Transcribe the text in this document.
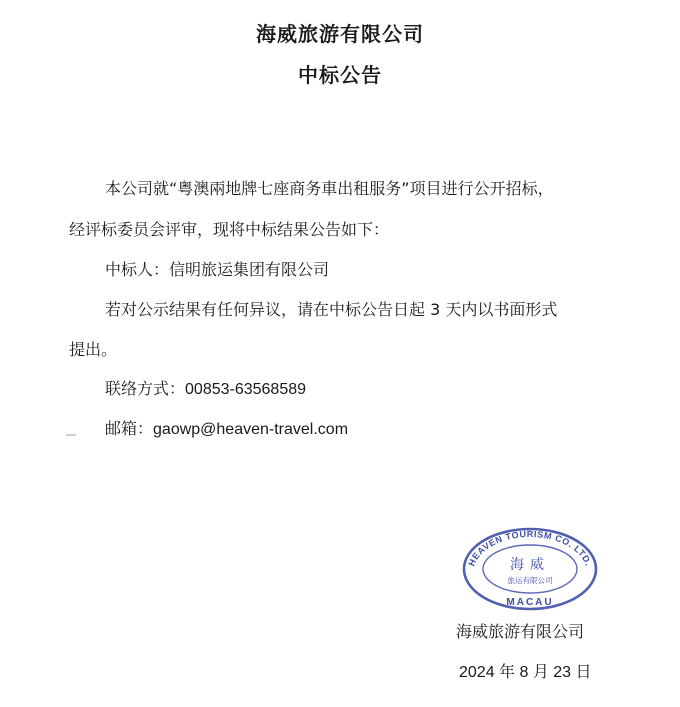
海威旅游有限公司
中标公告
本公司就“粤澳兩地牌七座商务車出租服务”项目进行公开招标，
经评标委员会评审，现将中标结果公告如下：
中标人：信明旅运集团有限公司
若对公示结果有任何异议，请在中标公告日起 3 天内以书面形式
提出。
联络方式：00853-63568589
邮箱：gaowp@heaven-travel.com
HEAVEN TOURISM CO. LTD.
海威
旅运有限公司
MACAU
海威旅游有限公司
2024 年 8 月 23 日
